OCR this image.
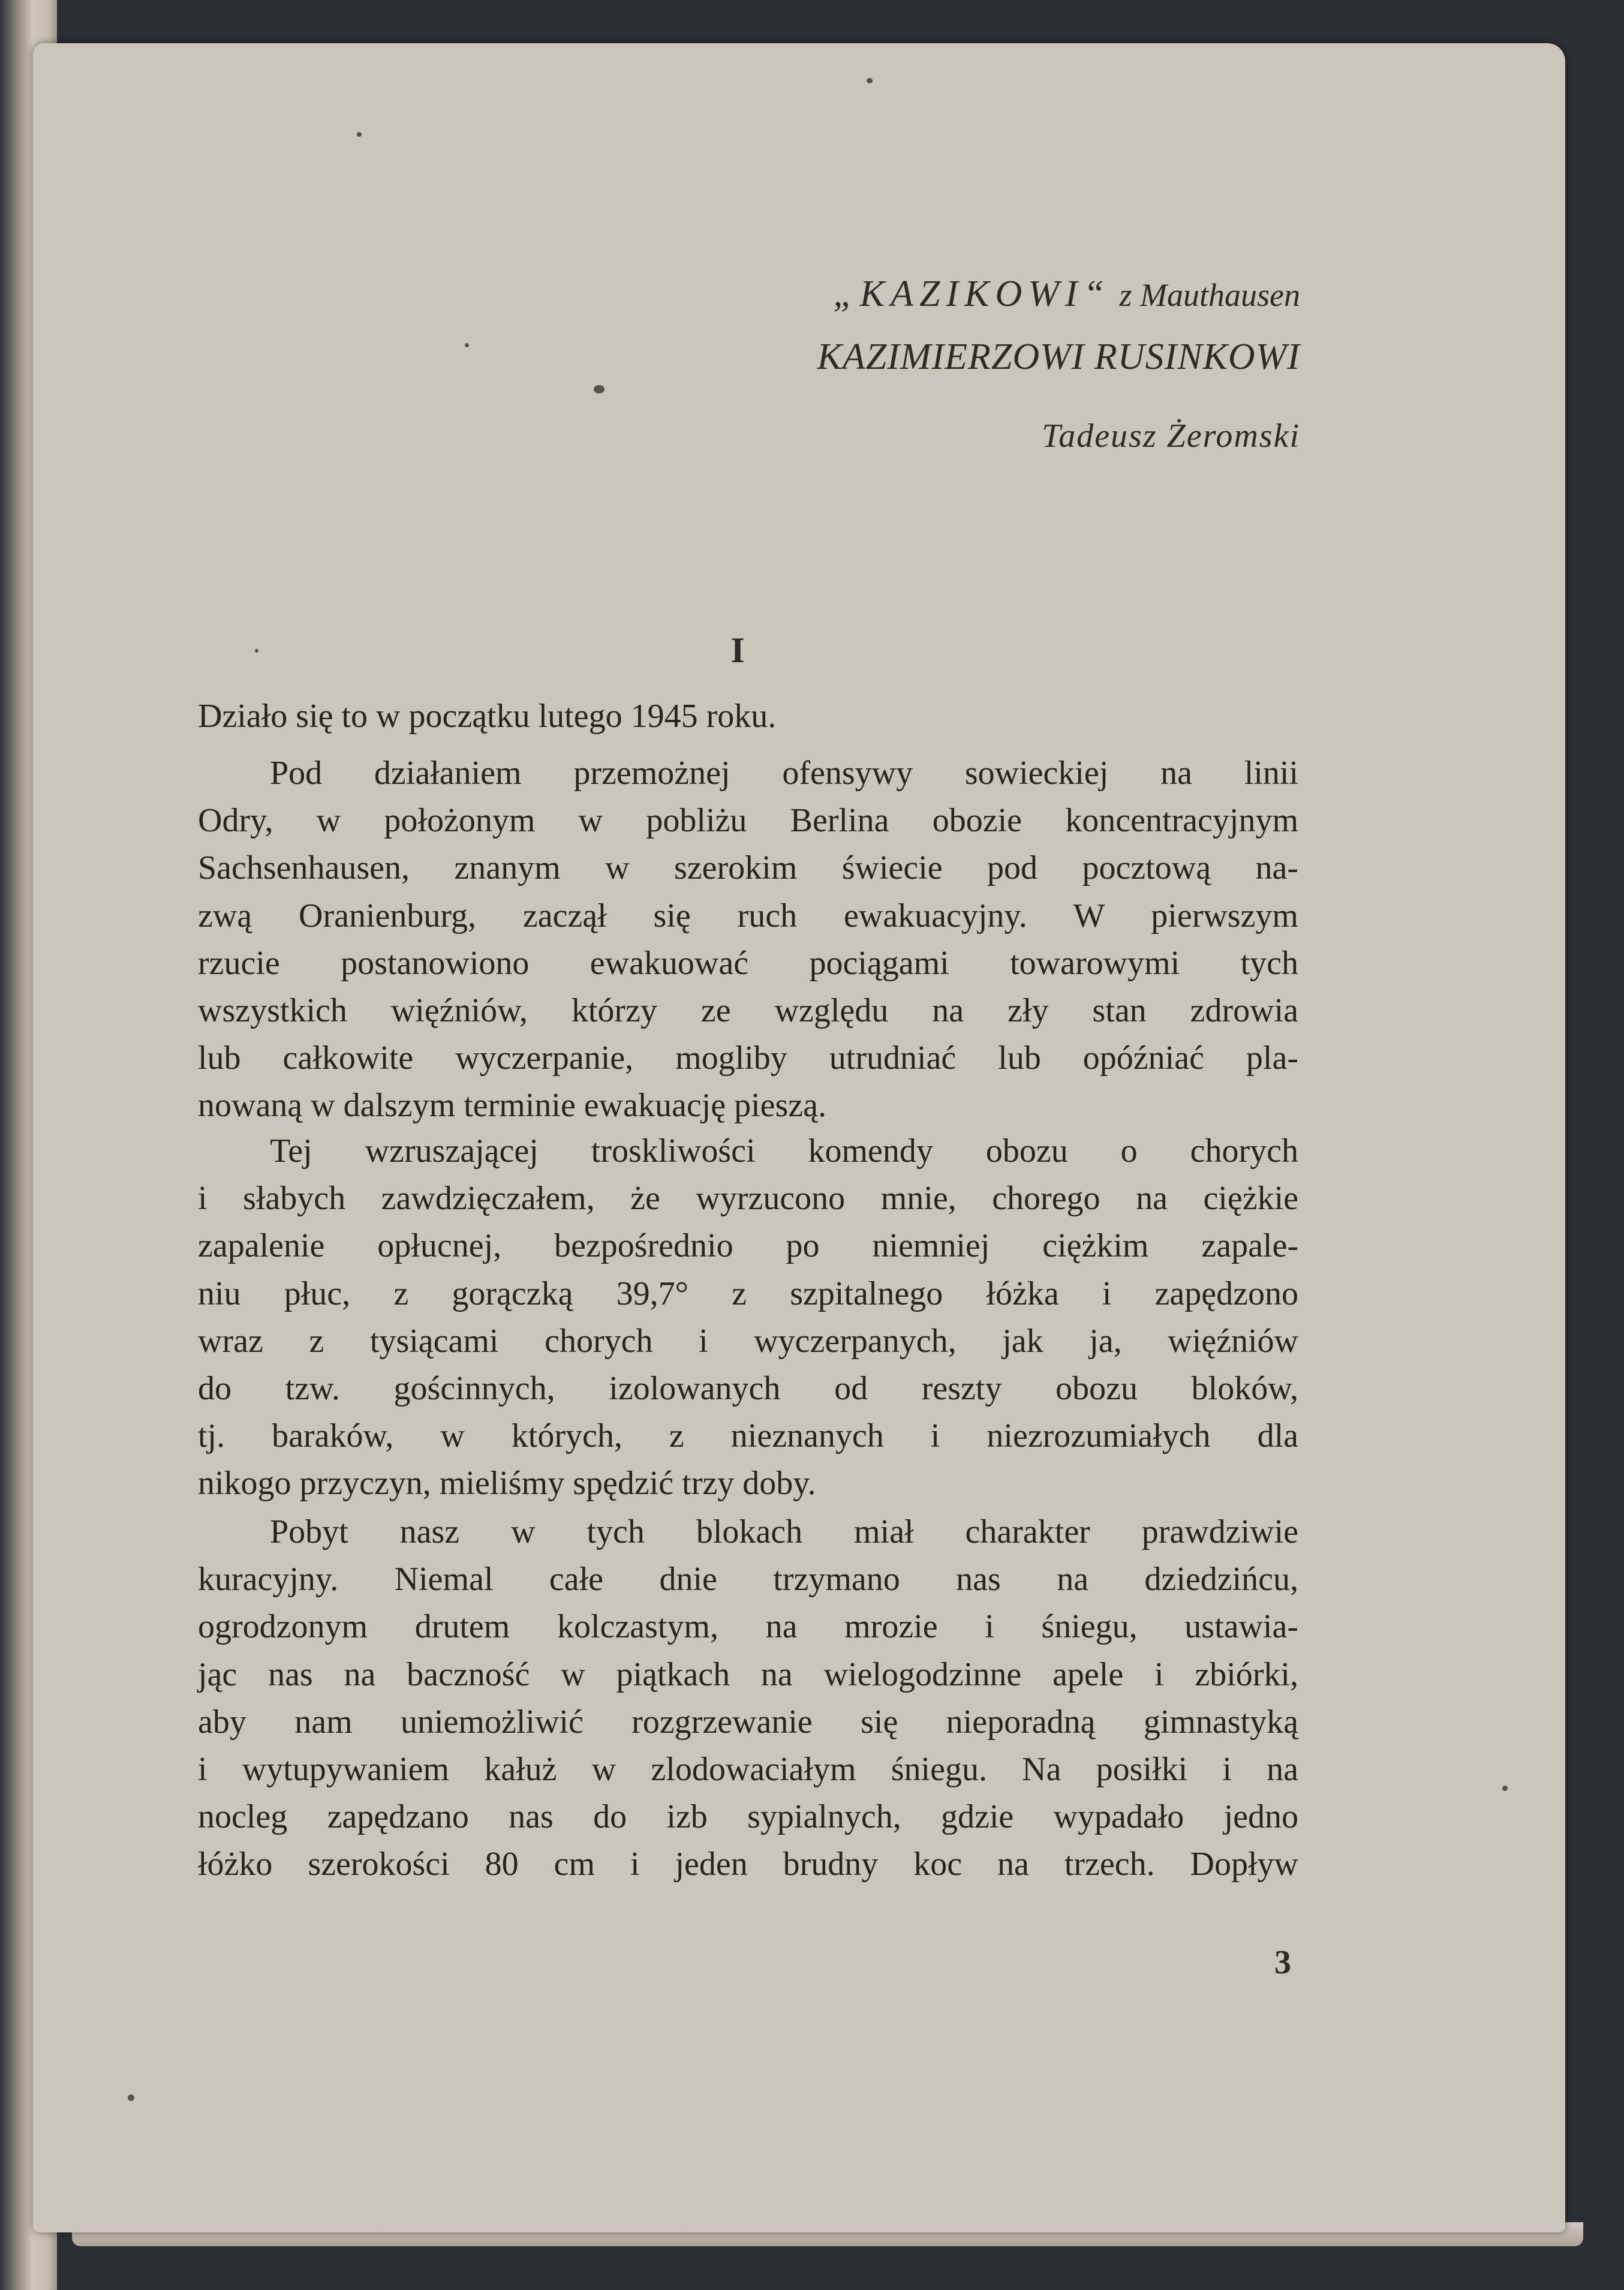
„KAZIKOWI“ z Mauthausen
KAZIMIERZOWI RUSINKOWI
Tadeusz Żeromski
I
Działo się to w początku lutego 1945 roku.
Pod działaniem przemożnej ofensywy sowieckiej na linii
Odry, w położonym w pobliżu Berlina obozie koncentracyjnym
Sachsenhausen, znanym w szerokim świecie pod pocztową na-
zwą Oranienburg, zaczął się ruch ewakuacyjny. W pierwszym
rzucie postanowiono ewakuować pociągami towarowymi tych
wszystkich więźniów, którzy ze względu na zły stan zdrowia
lub całkowite wyczerpanie, mogliby utrudniać lub opóźniać pla-
nowaną w dalszym terminie ewakuację pieszą.
Tej wzruszającej troskliwości komendy obozu o chorych
i słabych zawdzięczałem, że wyrzucono mnie, chorego na ciężkie
zapalenie opłucnej, bezpośrednio po niemniej ciężkim zapale-
niu płuc, z gorączką 39,7° z szpitalnego łóżka i zapędzono
wraz z tysiącami chorych i wyczerpanych, jak ja, więźniów
do tzw. gościnnych, izolowanych od reszty obozu bloków,
tj. baraków, w których, z nieznanych i niezrozumiałych dla
nikogo przyczyn, mieliśmy spędzić trzy doby.
Pobyt nasz w tych blokach miał charakter prawdziwie
kuracyjny. Niemal całe dnie trzymano nas na dziedzińcu,
ogrodzonym drutem kolczastym, na mrozie i śniegu, ustawia-
jąc nas na baczność w piątkach na wielogodzinne apele i zbiórki,
aby nam uniemożliwić rozgrzewanie się nieporadną gimnastyką
i wytupywaniem kałuż w zlodowaciałym śniegu. Na posiłki i na
nocleg zapędzano nas do izb sypialnych, gdzie wypadało jedno
łóżko szerokości 80 cm i jeden brudny koc na trzech. Dopływ
3
